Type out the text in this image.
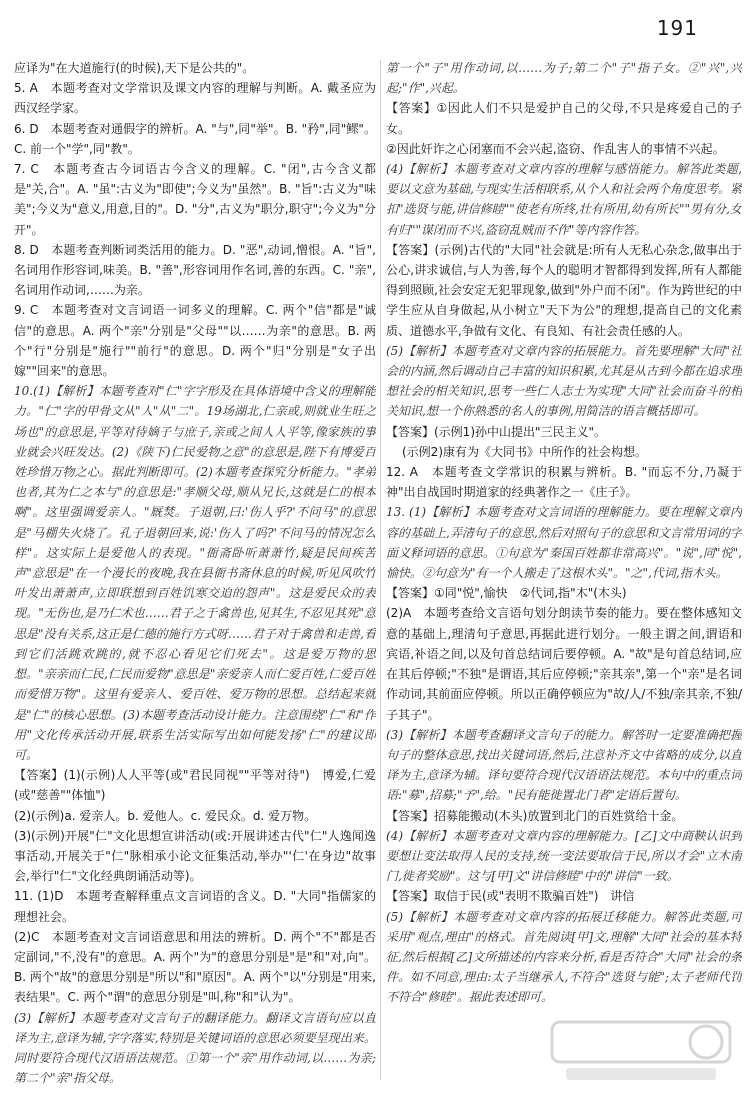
191

应译为"在大道施行(的时候),天下是公共的"。

5. A　本题考查对文学常识及课文内容的理解与判断。A. 戴圣应为西汉经学家。

6. D　本题考查对通假字的辨析。A. "与",同"举"。B. "矜",同"鳏"。C. 前一个"学",同"教"。

7. C　本题考查古今词语古今含义的理解。C. "闭",古今含义都是"关,合"。A. "虽":古义为"即使";今义为"虽然"。B. "旨":古义为"味美";今义为"意义,用意,目的"。D. "分",古义为"职分,职守";今义为"分开"。

8. D　本题考查判断词类活用的能力。D. "恶",动词,憎恨。A. "旨",名词用作形容词,味美。B. "善",形容词用作名词,善的东西。C. "亲",名词用作动词,……为亲。

9. C　本题考查对文言词语一词多义的理解。C. 两个"信"都是"诚信"的意思。A. 两个"亲"分别是"父母""以……为亲"的意思。B. 两个"行"分别是"施行""前行"的意思。D. 两个"归"分别是"女子出嫁""回来"的意思。

10.(1)【解析】本题考查对"仁"字字形及在具体语境中含义的理解能力。"仁"字的甲骨文从"人"从"二"。19场湖北,仁亲或,则就业生旺之场也"的意思是,平等对待嫡子与庶子,亲或之间人人平等,像家族的事业就会兴旺发达。(2)《陕下)仁民爱物之意"的意思是,陛下有博爱百姓珍惜万物之心。据此判断即可。(2)本题考查探究分析能力。"孝弟也者,其为仁之本与"的意思是:"孝顺父母,顺从兄长,这就是仁的根本啊"。这里强调爱亲人。"厩焚。子退朝,曰:'伤人乎?'不问马"的意思是"马棚失火烧了。孔子退朝回来,说:'伤人了吗?'不问马的情况怎么样"。这实际上是爱他人的表现。"衙斋卧听萧萧竹,疑是民间疾苦声"意思是"在一个漫长的夜晚,我在县衙书斋休息的时候,听见风吹竹叶发出萧萧声,立即联想到百姓饥寒交迫的怨声"。这是爱民众的表现。"无伤也,是乃仁术也……君子之于禽兽也,见其生,不忍见其死"意思是"没有关系,这正是仁德的施行方式呀……君子对于禽兽和走兽,看到它们活跳欢跳的,就不忍心看见它们死去"。这是爱万物的思想。"亲亲而仁民,仁民而爱物"意思是"亲爱亲人而仁爱百姓,仁爱百姓而爱惜万物"。这里有爱亲人、爱百姓、爱万物的思想。总结起来就是"仁"的核心思想。(3)本题考查活动设计能力。注意围绕"仁"和"作用"文化传承活动开展,联系生活实际写出如何能发扬"仁"的建议即可。

【答案】(1)(示例)人人平等(或"君民同视""平等对待")　博爱,仁爱(或"慈善""体恤")

(2)(示例)a. 爱亲人。b. 爱他人。c. 爱民众。d. 爱万物。

(3)(示例)开展"仁"文化思想宣讲活动(或:开展讲述古代"仁"人逸闻逸事活动,开展关于"仁"脉相承小论文征集活动,举办"'仁'在身边"故事会,举行"仁"文化经典朗诵活动等)。

11. (1)D　本题考查解释重点文言词语的含义。D. "大同"指儒家的理想社会。

(2)C　本题考查对文言词语意思和用法的辨析。D. 两个"不"都是否定副词,"不,没有"的意思。A. 两个"为"的意思分别是"是"和"对,向"。B. 两个"故"的意思分别是"所以"和"原因"。A. 两个"以"分别是"用来,表结果"。C. 两个"谓"的意思分别是"叫,称"和"认为"。

(3)【解析】本题考查对文言句子的翻译能力。翻译文言语句应以直译为主,意译为辅,字字落实,特别是关键词语的意思必须要呈现出来。同时要符合现代汉语语法规范。①第一个"亲"用作动词,以……为亲;第二个"亲"指父母。

第一个"子"用作动词,以……为子;第二个"子"指子女。②"兴",兴起;"作",兴起。

【答案】①因此人们不只是爱护自己的父母,不只是疼爱自己的子女。

②因此奸诈之心闭塞而不会兴起,盗窃、作乱害人的事情不兴起。

(4)【解析】本题考查对文章内容的理解与感悟能力。解答此类题,要以文意为基础,与现实生活相联系,从个人和社会两个角度思考。紧扣"选贤与能,讲信修睦""使老有所终,壮有所用,幼有所长""男有分,女有归""谋闭而不兴,盗窃乱贼而不作"等内容作答。

【答案】(示例)古代的"大同"社会就是:所有人无私心杂念,做事出于公心,讲求诚信,与人为善,每个人的聪明才智都得到发挥,所有人都能得到照顾,社会安定无犯罪现象,做到"外户而不闭"。作为跨世纪的中学生应从自身做起,从小树立"天下为公"的理想,提高自己的文化素质、道德水平,争做有文化、有良知、有社会责任感的人。

(5)【解析】本题考查对文章内容的拓展能力。首先要理解"大同"社会的内涵,然后调动自己丰富的知识积累,尤其是从古到今都在追求理想社会的相关知识,思考一些仁人志士为实现"大同"社会而奋斗的相关知识,想一个你熟悉的名人的事例,用简洁的语言概括即可。

【答案】(示例1)孙中山提出"三民主义"。

(示例2)康有为《大同书》中所作的社会构想。

12. A　本题考查文学常识的积累与辨析。B. "而忘不分,乃凝于神"出自战国时期道家的经典著作之一《庄子》。

13. (1)【解析】本题考查对文言词语的理解能力。要在理解文章内容的基础上,弄清句子的意思,然后对照句子的意思和文言常用词的字面义释词语的意思。①句意为"秦国百姓都非常高兴"。"说",同"悦",愉快。②句意为"有一个人搬走了这根木头"。"之",代词,指木头。

【答案】①同"悦",愉快　②代词,指"木"(木头)

(2)A　本题考查给文言语句划分朗读节奏的能力。要在整体感知文意的基础上,理清句子意思,再据此进行划分。一般主谓之间,谓语和宾语,补语之间,以及句首总结词后要停顿。A. "故"是句首总结词,应在其后停顿;"不独"是谓语,其后应停顿;"亲其亲",第一个"亲"是名词作动词,其前面应停顿。所以正确停顿应为"故/人/不独/亲其亲,不独/子其子"。

(3)【解析】本题考查翻译文言句子的能力。解答时一定要准确把握句子的整体意思,找出关键词语,然后,注意补齐文中省略的成分,以直译为主,意译为辅。译句要符合现代汉语语法规范。本句中的重点词语:"募",招募;"予",给。"民有能徙置北门者"定语后置句。

【答案】招募能搬动(木头)放置到北门的百姓赏给十金。

(4)【解析】本题考查对文章内容的理解能力。[乙]文中商鞅认识到要想让变法取得人民的支持,统一变法要取信于民,所以才会"立木南门,徙者奖励"。这与[甲]文"讲信修睦"中的"讲信"一致。

【答案】取信于民(或"表明不欺骗百姓")　讲信

(5)【解析】本题考查对文章内容的拓展迁移能力。解答此类题,可采用"观点,理由"的格式。首先阅读[甲]文,理解"大同"社会的基本特征,然后根据[乙]文所描述的内容来分析,看是否符合"大同"社会的条件。如不同意,理由:太子当继承人,不符合"选贤与能";太子老师代罚不符合"修睦"。据此表述即可。
